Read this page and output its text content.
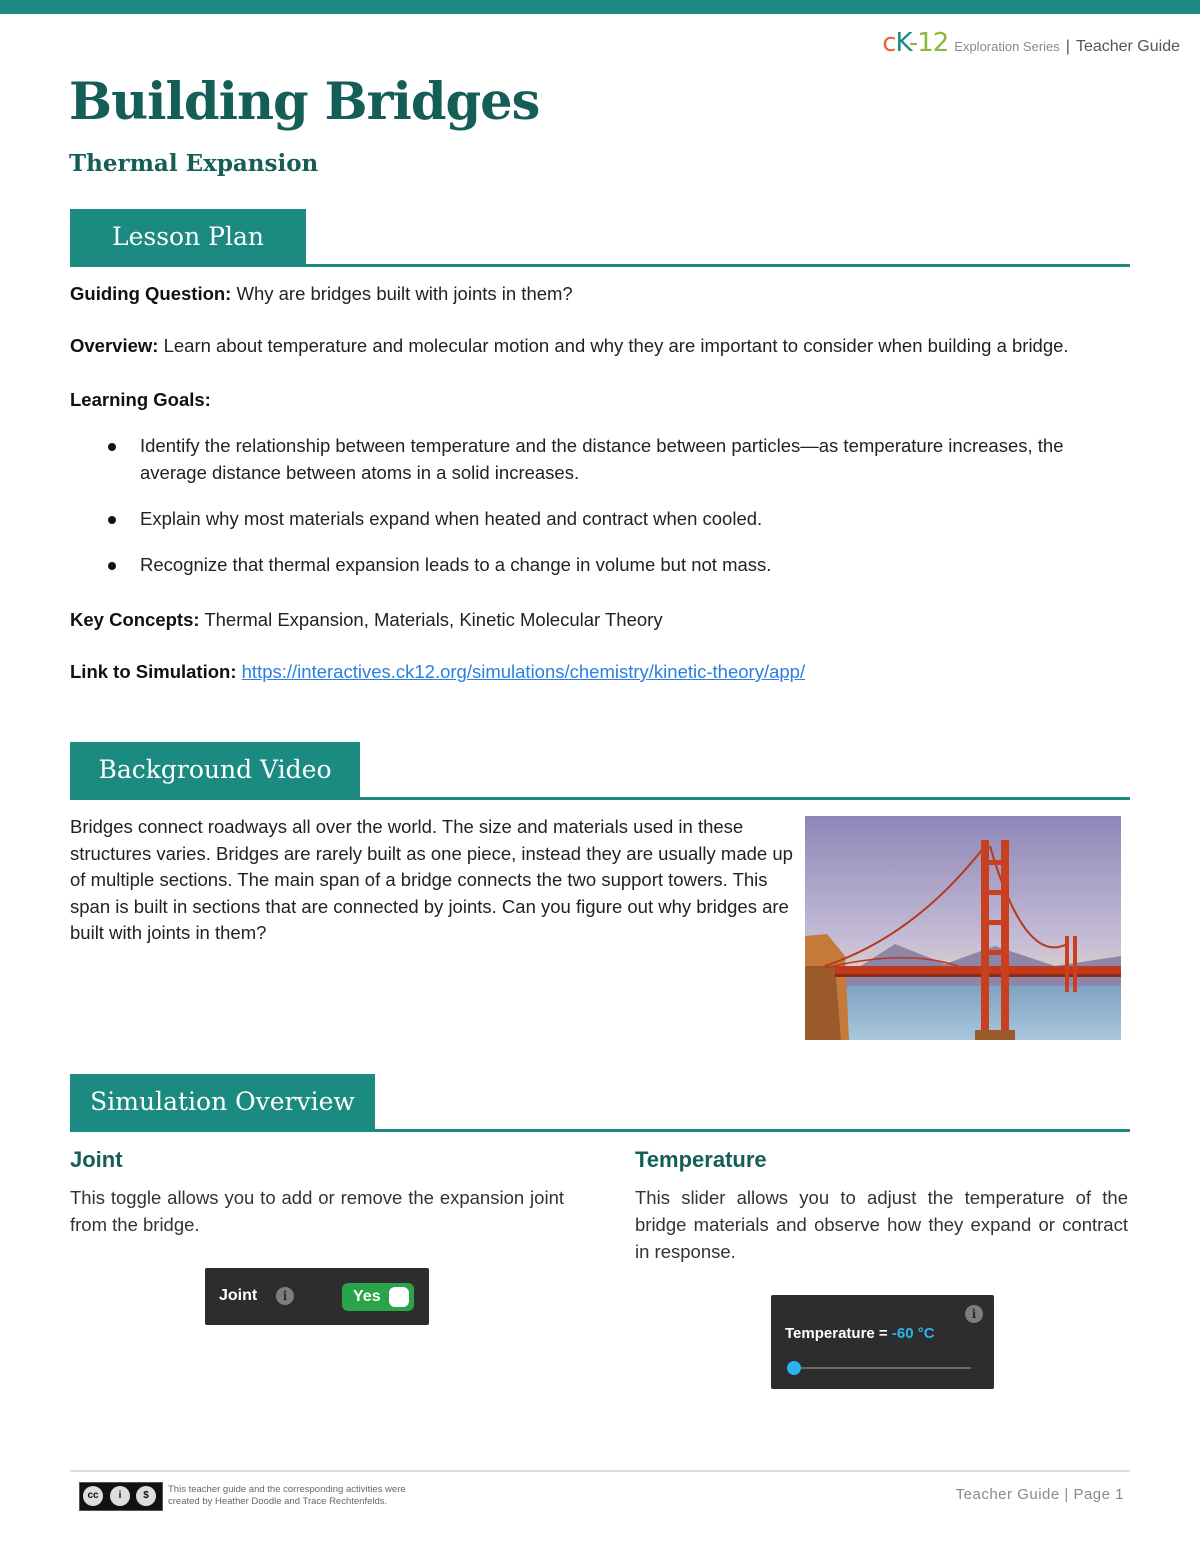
cK-12 Exploration Series | Teacher Guide
Building Bridges
Thermal Expansion
Lesson Plan

Guiding Question: Why are bridges built with joints in them?

Overview: Learn about temperature and molecular motion and why they are important to consider when building a bridge.

Learning Goals:

Identify the relationship between temperature and the distance between particles—as temperature increases, the average distance between atoms in a solid increases.
Explain why most materials expand when heated and contract when cooled.
Recognize that thermal expansion leads to a change in volume but not mass.

Key Concepts: Thermal Expansion, Materials, Kinetic Molecular Theory

Link to Simulation: https://interactives.ck12.org/simulations/chemistry/kinetic-theory/app/

Background Video

Bridges connect roadways all over the world. The size and materials used in these structures varies. Bridges are rarely built as one piece, instead they are usually made up of multiple sections. The main span of a bridge connects the two support towers. This span is built in sections that are connected by joints. Can you figure out why bridges are built with joints in them?

Simulation Overview

Joint

This toggle allows you to add or remove the expansion joint from the bridge.

Temperature

This slider allows you to adjust the temperature of the bridge materials and observe how they expand or contract in response.

Joint	i	Yes
i
Temperature = -60 °C
cc	i	$

This teacher guide and the corresponding activities were created by Heather Doodle and Trace Rechtenfelds.	Teacher Guide | Page 1
